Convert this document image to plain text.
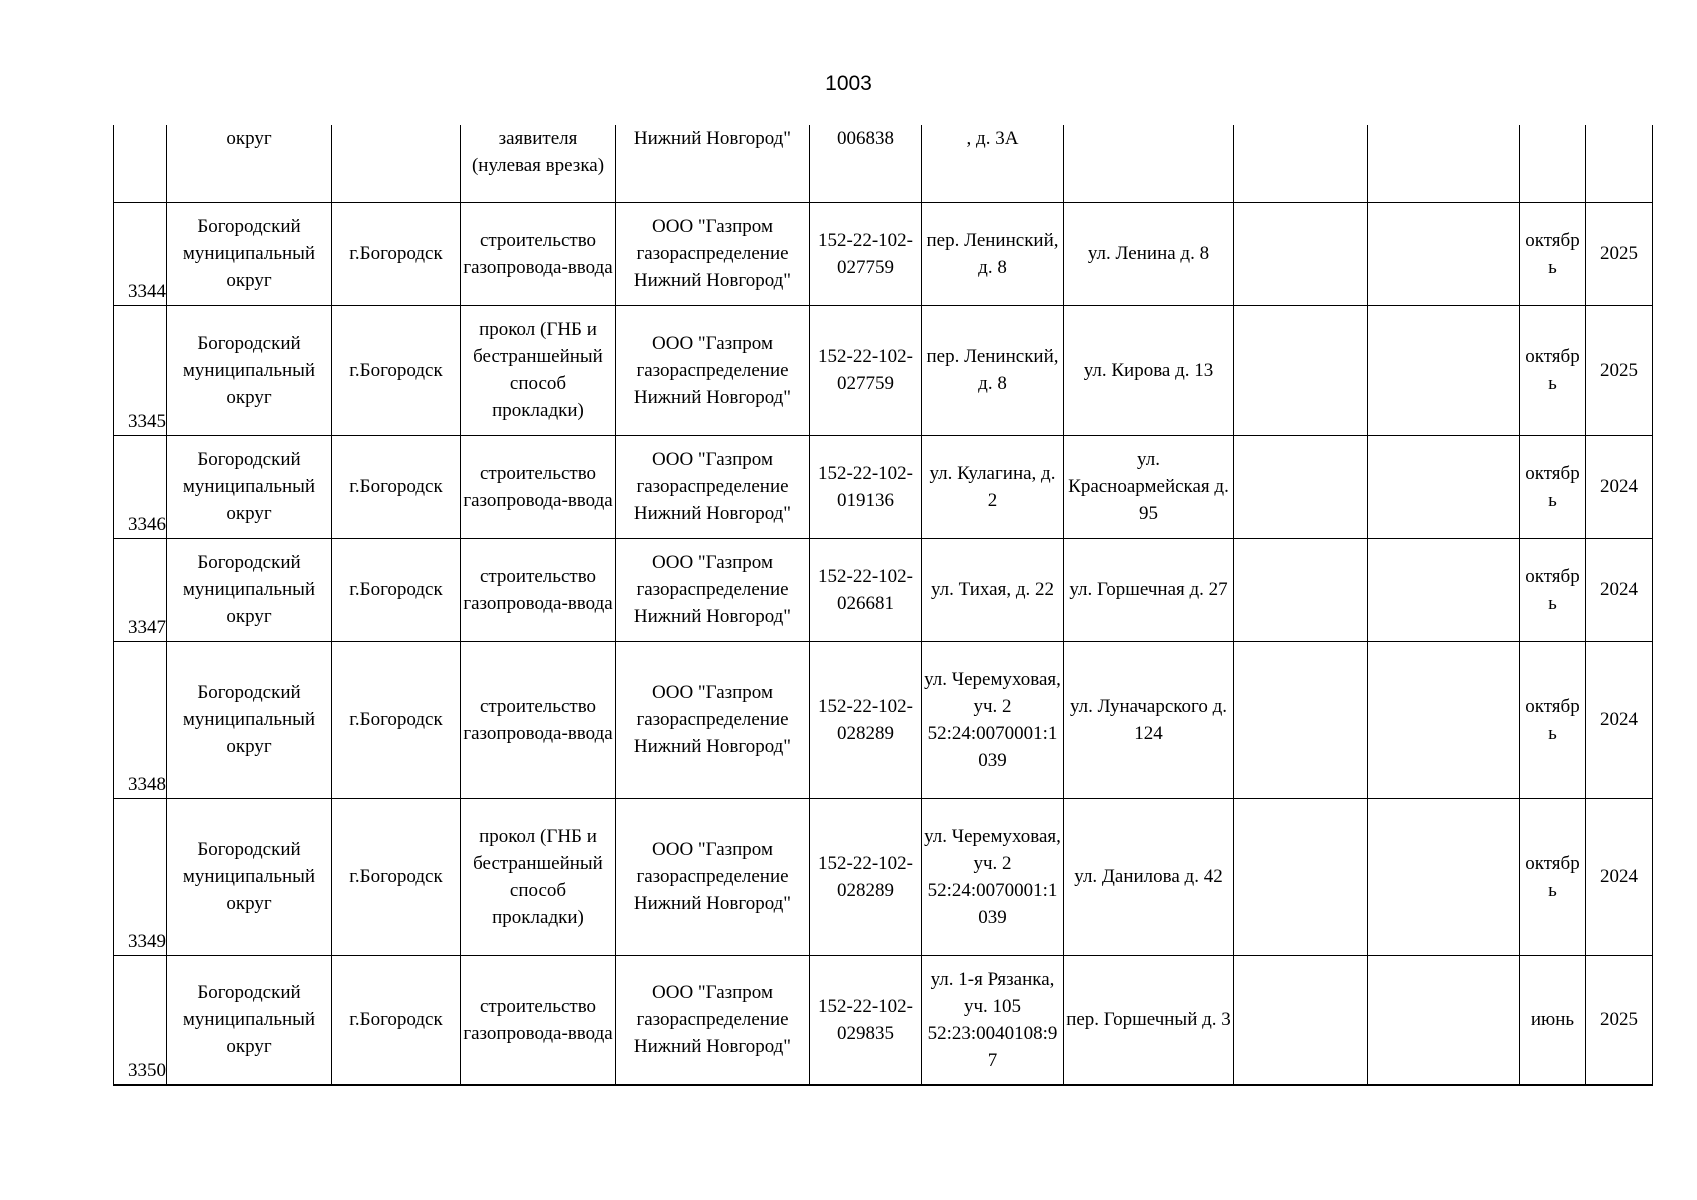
1003
	округ		заявителя (нулевая врезка)	Нижний Новгород"	006838	, д. 3А					
3344	Богородский муниципальный округ	г.Богородск	строительство газопровода-ввода	ООО "Газпром газораспределение Нижний Новгород"	152-22-102-027759	пер. Ленинский, д. 8	ул. Ленина д. 8			октябрь	2025
3345	Богородский муниципальный округ	г.Богородск	прокол (ГНБ и бестраншейный способ прокладки)	ООО "Газпром газораспределение Нижний Новгород"	152-22-102-027759	пер. Ленинский, д. 8	ул. Кирова д. 13			октябрь	2025
3346	Богородский муниципальный округ	г.Богородск	строительство газопровода-ввода	ООО "Газпром газораспределение Нижний Новгород"	152-22-102-019136	ул. Кулагина, д. 2	ул. Красноармейская д. 95			октябрь	2024
3347	Богородский муниципальный округ	г.Богородск	строительство газопровода-ввода	ООО "Газпром газораспределение Нижний Новгород"	152-22-102-026681	ул. Тихая, д. 22	ул. Горшечная д. 27			октябрь	2024
3348	Богородский муниципальный округ	г.Богородск	строительство газопровода-ввода	ООО "Газпром газораспределение Нижний Новгород"	152-22-102-028289	ул. Черемуховая, уч. 2 52:24:0070001:1039	ул. Луначарского д. 124			октябрь	2024
3349	Богородский муниципальный округ	г.Богородск	прокол (ГНБ и бестраншейный способ прокладки)	ООО "Газпром газораспределение Нижний Новгород"	152-22-102-028289	ул. Черемуховая, уч. 2 52:24:0070001:1039	ул. Данилова д. 42			октябрь	2024
3350	Богородский муниципальный округ	г.Богородск	строительство газопровода-ввода	ООО "Газпром газораспределение Нижний Новгород"	152-22-102-029835	ул. 1-я Рязанка, уч. 105 52:23:0040108:97	пер. Горшечный д. 3			июнь	2025
